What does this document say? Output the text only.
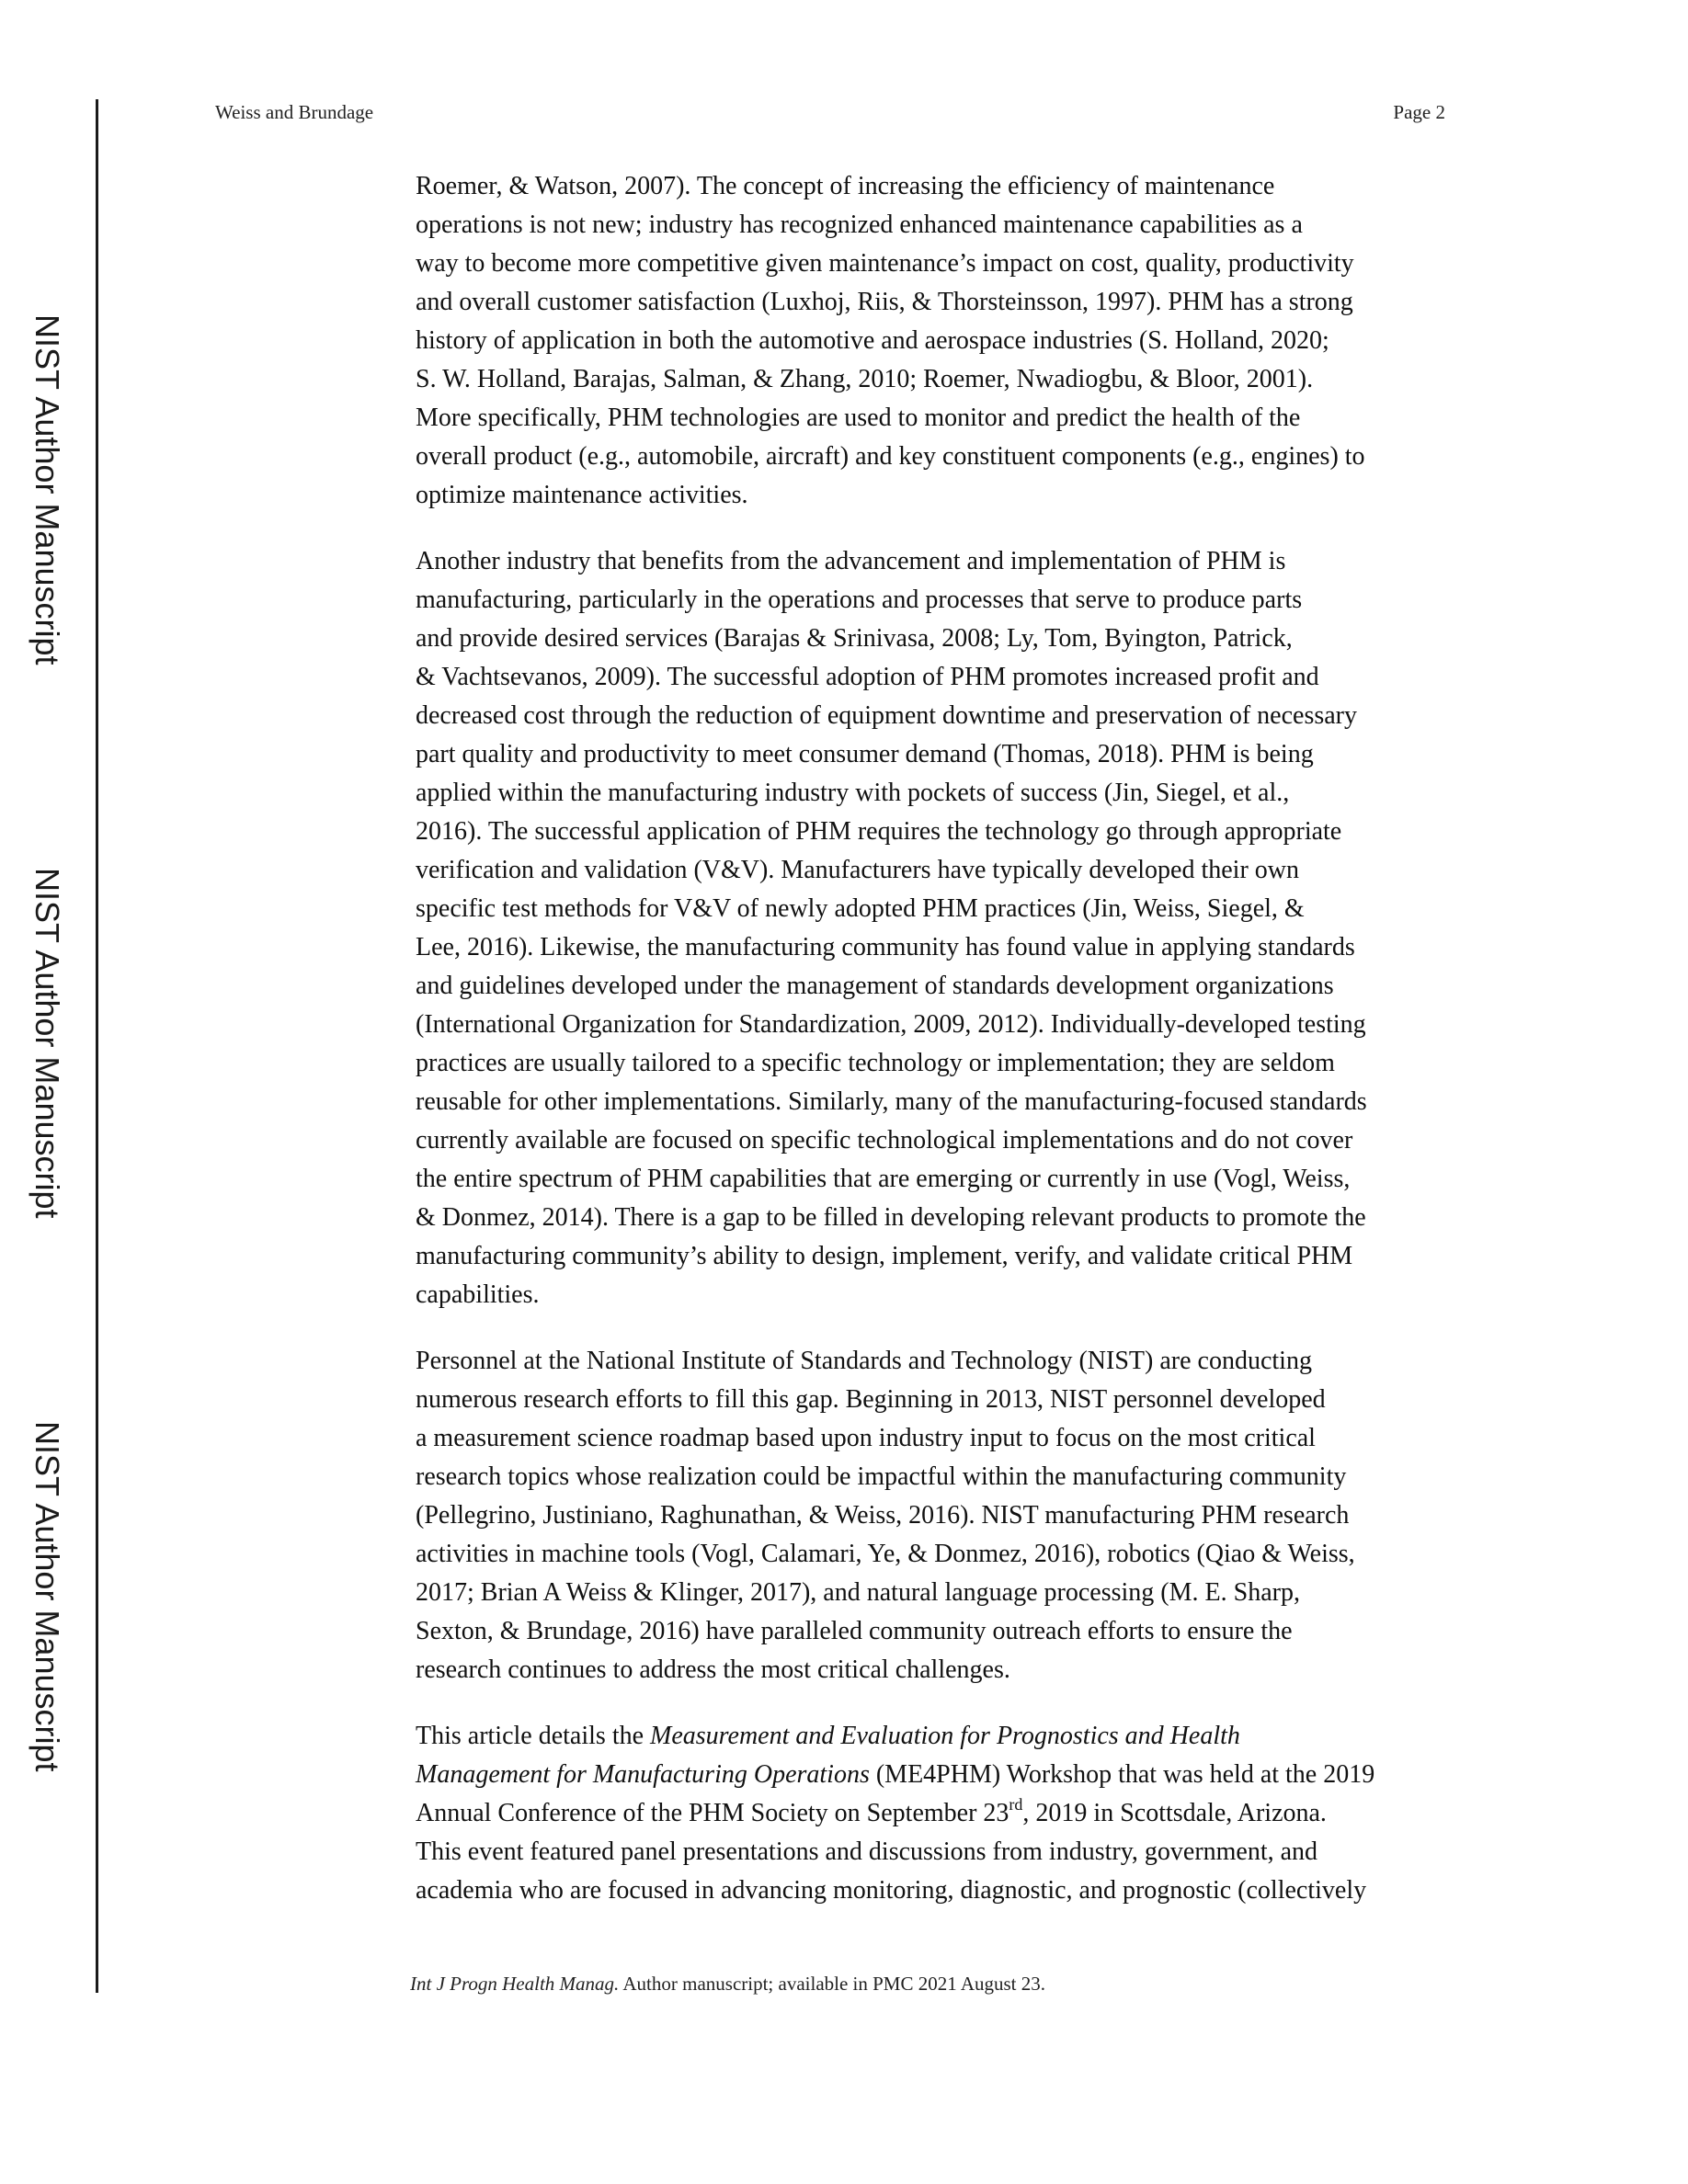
NIST Author Manuscript
NIST Author Manuscript
NIST Author Manuscript
Weiss and Brundage	Page 2

Roemer, & Watson, 2007). The concept of increasing the efficiency of maintenance
operations is not new; industry has recognized enhanced maintenance capabilities as a
way to become more competitive given maintenance’s impact on cost, quality, productivity
and overall customer satisfaction (Luxhoj, Riis, & Thorsteinsson, 1997). PHM has a strong
history of application in both the automotive and aerospace industries (S. Holland, 2020;
S. W. Holland, Barajas, Salman, & Zhang, 2010; Roemer, Nwadiogbu, & Bloor, 2001).
More specifically, PHM technologies are used to monitor and predict the health of the
overall product (e.g., automobile, aircraft) and key constituent components (e.g., engines) to
optimize maintenance activities.

Another industry that benefits from the advancement and implementation of PHM is
manufacturing, particularly in the operations and processes that serve to produce parts
and provide desired services (Barajas & Srinivasa, 2008; Ly, Tom, Byington, Patrick,
& Vachtsevanos, 2009). The successful adoption of PHM promotes increased profit and
decreased cost through the reduction of equipment downtime and preservation of necessary
part quality and productivity to meet consumer demand (Thomas, 2018). PHM is being
applied within the manufacturing industry with pockets of success (Jin, Siegel, et al.,
2016). The successful application of PHM requires the technology go through appropriate
verification and validation (V&V). Manufacturers have typically developed their own
specific test methods for V&V of newly adopted PHM practices (Jin, Weiss, Siegel, &
Lee, 2016). Likewise, the manufacturing community has found value in applying standards
and guidelines developed under the management of standards development organizations
(International Organization for Standardization, 2009, 2012). Individually-developed testing
practices are usually tailored to a specific technology or implementation; they are seldom
reusable for other implementations. Similarly, many of the manufacturing-focused standards
currently available are focused on specific technological implementations and do not cover
the entire spectrum of PHM capabilities that are emerging or currently in use (Vogl, Weiss,
& Donmez, 2014). There is a gap to be filled in developing relevant products to promote the
manufacturing community’s ability to design, implement, verify, and validate critical PHM
capabilities.

Personnel at the National Institute of Standards and Technology (NIST) are conducting
numerous research efforts to fill this gap. Beginning in 2013, NIST personnel developed
a measurement science roadmap based upon industry input to focus on the most critical
research topics whose realization could be impactful within the manufacturing community
(Pellegrino, Justiniano, Raghunathan, & Weiss, 2016). NIST manufacturing PHM research
activities in machine tools (Vogl, Calamari, Ye, & Donmez, 2016), robotics (Qiao & Weiss,
2017; Brian A Weiss & Klinger, 2017), and natural language processing (M. E. Sharp,
Sexton, & Brundage, 2016) have paralleled community outreach efforts to ensure the
research continues to address the most critical challenges.

This article details the Measurement and Evaluation for Prognostics and Health
Management for Manufacturing Operations (ME4PHM) Workshop that was held at the 2019
Annual Conference of the PHM Society on September 23rd, 2019 in Scottsdale, Arizona.
This event featured panel presentations and discussions from industry, government, and
academia who are focused in advancing monitoring, diagnostic, and prognostic (collectively

Int J Progn Health Manag. Author manuscript; available in PMC 2021 August 23.
